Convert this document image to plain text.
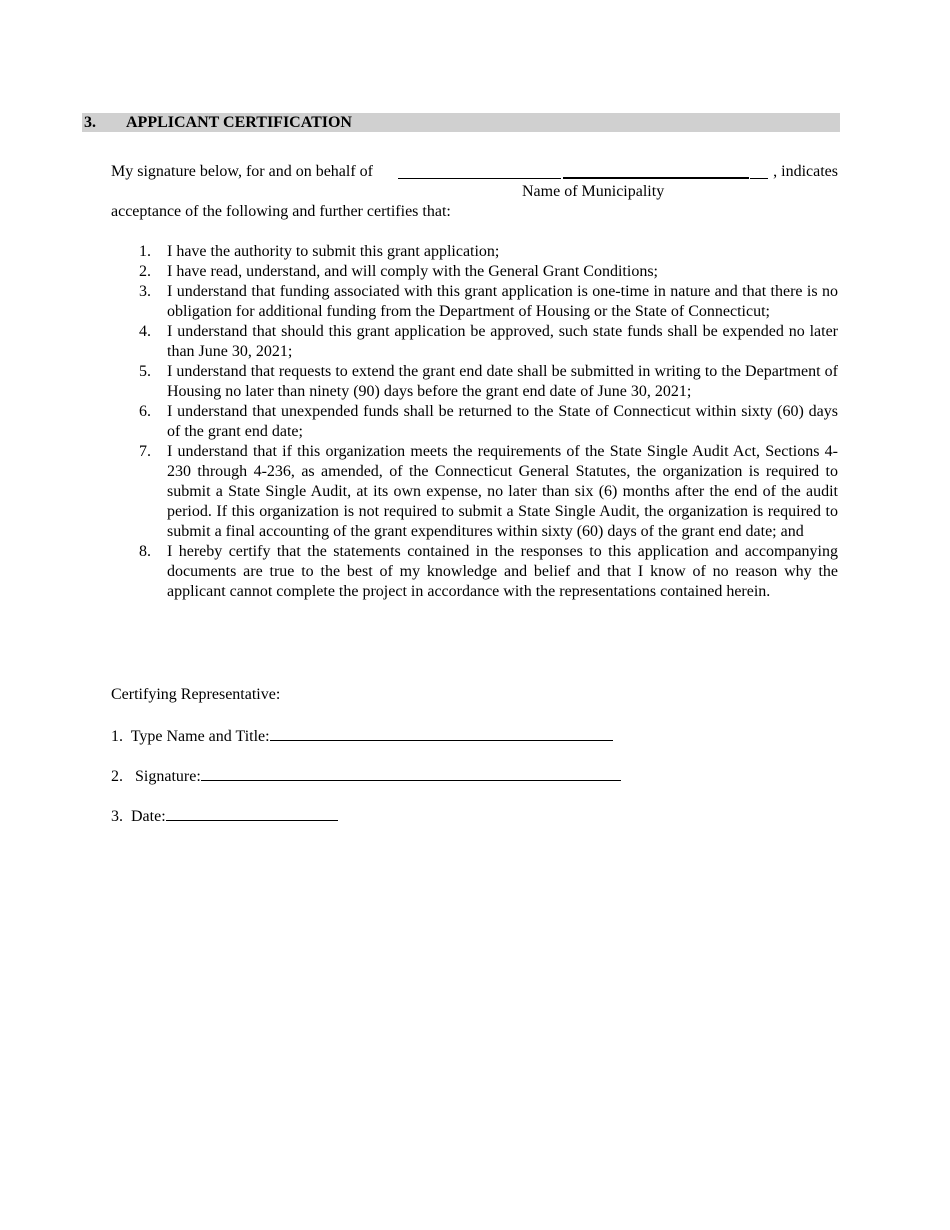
3. APPLICANT CERTIFICATION
My signature below, for and on behalf of	, indicates
Name of Municipality
acceptance of the following and further certifies that:
1. I have the authority to submit this grant application;
2. I have read, understand, and will comply with the General Grant Conditions;
3. I understand that funding associated with this grant application is one-time in nature and that there is no obligation for additional funding from the Department of Housing or the State of Connecticut;
4. I understand that should this grant application be approved, such state funds shall be expended no later than June 30, 2021;
5. I understand that requests to extend the grant end date shall be submitted in writing to the Department of Housing no later than ninety (90) days before the grant end date of June 30, 2021;
6. I understand that unexpended funds shall be returned to the State of Connecticut within sixty (60) days of the grant end date;
7. I understand that if this organization meets the requirements of the State Single Audit Act, Sections 4-230 through 4-236, as amended, of the Connecticut General Statutes, the organization is required to submit a State Single Audit, at its own expense, no later than six (6) months after the end of the audit period. If this organization is not required to submit a State Single Audit, the organization is required to submit a final accounting of the grant expenditures within sixty (60) days of the grant end date; and
8. I hereby certify that the statements contained in the responses to this application and accompanying documents are true to the best of my knowledge and belief and that I know of no reason why the applicant cannot complete the project in accordance with the representations contained herein.
Certifying Representative:
1. Type Name and Title:
2. Signature:
3. Date:
